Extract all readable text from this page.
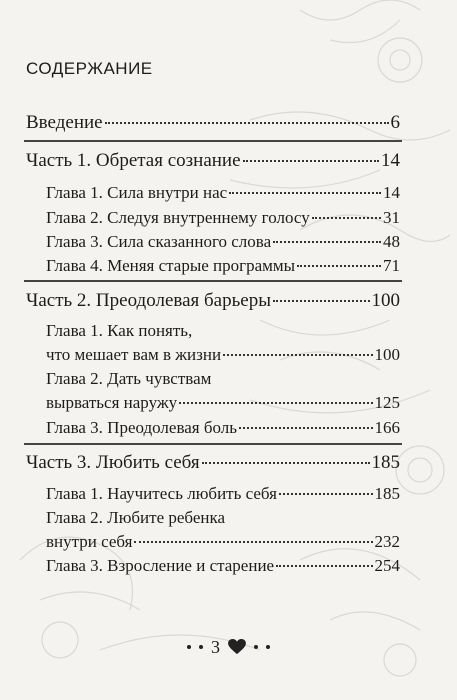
СОДЕРЖАНИЕ
Введение	6
Часть 1. Обретая сознание	14
Глава 1. Сила внутри нас	14
Глава 2. Следуя внутреннему голосу	31
Глава 3. Сила сказанного слова	48
Глава 4. Меняя старые программы	71
Часть 2. Преодолевая барьеры	100
Глава 1. Как понять,
что мешает вам в жизни	100
Глава 2. Дать чувствам
вырваться наружу	125
Глава 3. Преодолевая боль	166
Часть 3. Любить себя	185
Глава 1. Научитесь любить себя	185
Глава 2. Любите ребенка
внутри себя	232
Глава 3. Взросление и старение	254
3
